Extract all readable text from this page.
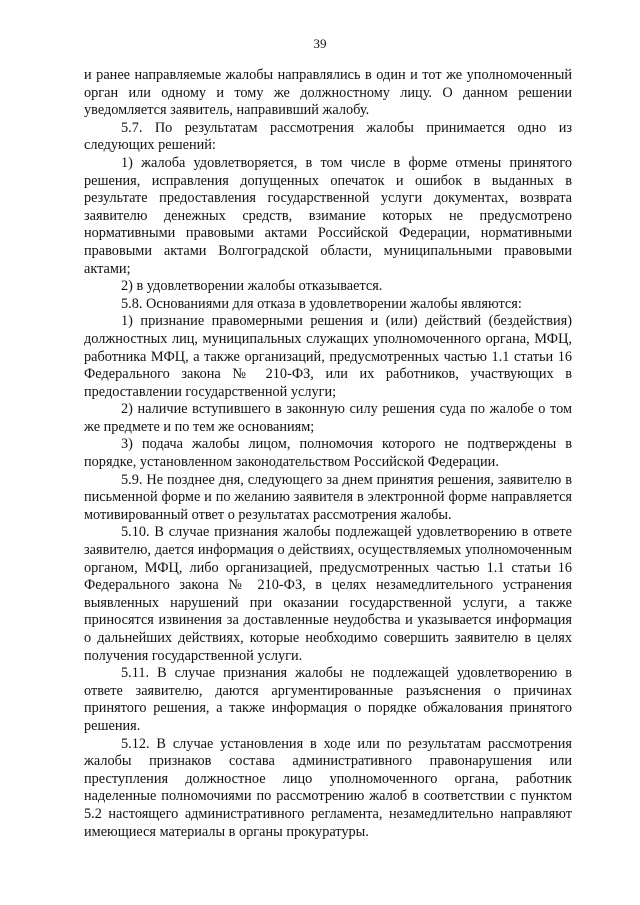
39

и ранее направляемые жалобы направлялись в один и тот же уполномоченный орган или одному и тому же должностному лицу. О данном решении уведомляется заявитель, направивший жалобу.

5.7. По результатам рассмотрения жалобы принимается одно из следующих решений:

1) жалоба удовлетворяется, в том числе в форме отмены принятого решения, исправления допущенных опечаток и ошибок в выданных в результате предоставления государственной услуги документах, возврата заявителю денежных средств, взимание которых не предусмотрено нормативными правовыми актами Российской Федерации, нормативными правовыми актами Волгоградской области, муниципальными правовыми актами;

2) в удовлетворении жалобы отказывается.

5.8. Основаниями для отказа в удовлетворении жалобы являются:

1) признание правомерными решения и (или) действий (бездействия) должностных лиц, муниципальных служащих уполномоченного органа, МФЦ, работника МФЦ, а также организаций, предусмотренных частью 1.1 статьи 16 Федерального закона № 210-ФЗ, или их работников, участвующих в предоставлении государственной услуги;

2) наличие вступившего в законную силу решения суда по жалобе о том же предмете и по тем же основаниям;

3) подача жалобы лицом, полномочия которого не подтверждены в порядке, установленном законодательством Российской Федерации.

5.9. Не позднее дня, следующего за днем принятия решения, заявителю в письменной форме и по желанию заявителя в электронной форме направляется мотивированный ответ о результатах рассмотрения жалобы.

5.10. В случае признания жалобы подлежащей удовлетворению в ответе заявителю, дается информация о действиях, осуществляемых уполномоченным органом, МФЦ, либо организацией, предусмотренных частью 1.1 статьи 16 Федерального закона № 210-ФЗ, в целях незамедлительного устранения выявленных нарушений при оказании государственной услуги, а также приносятся извинения за доставленные неудобства и указывается информация о дальнейших действиях, которые необходимо совершить заявителю в целях получения государственной услуги.

5.11. В случае признания жалобы не подлежащей удовлетворению в ответе заявителю, даются аргументированные разъяснения о причинах принятого решения, а также информация о порядке обжалования принятого решения.

5.12. В случае установления в ходе или по результатам рассмотрения жалобы признаков состава административного правонарушения или преступления должностное лицо уполномоченного органа, работник наделенные полномочиями по рассмотрению жалоб в соответствии с пунктом 5.2 настоящего административного регламента, незамедлительно направляют имеющиеся материалы в органы прокуратуры.
